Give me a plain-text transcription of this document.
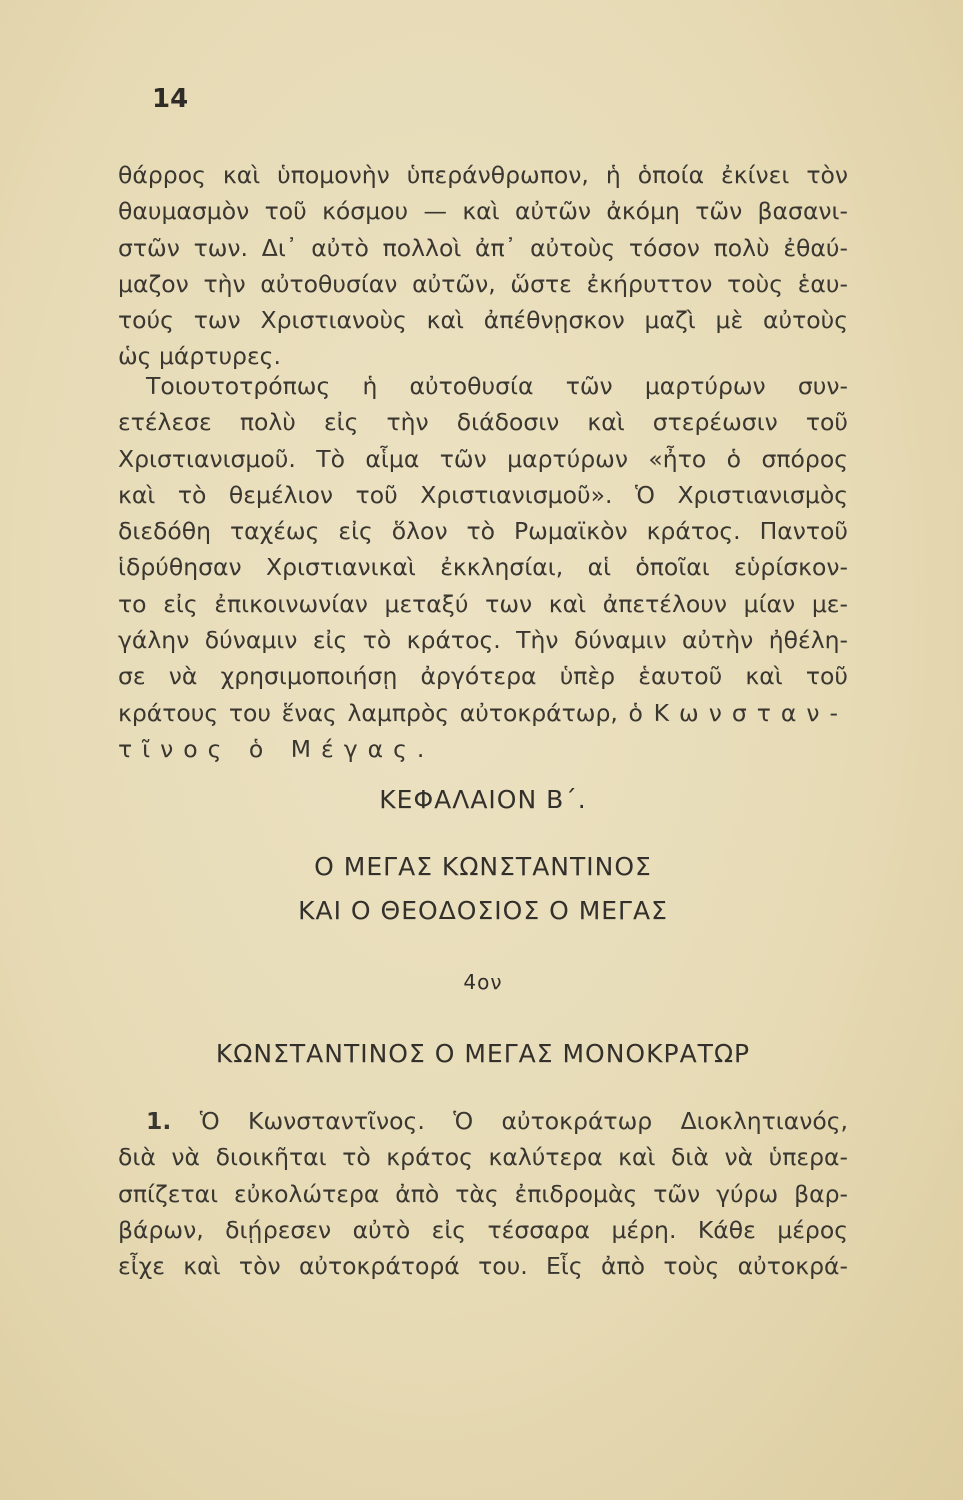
14
θάρρος καὶ ὑπομονὴν ὑπεράνθρωπον, ἡ ὁποία ἐκίνει τὸν
θαυμασμὸν τοῦ κόσμου — καὶ αὐτῶν ἀκόμη τῶν βασανι-
στῶν των. Δι᾽ αὐτὸ πολλοὶ ἀπ᾽ αὐτοὺς τόσον πολὺ ἐθαύ-
μαζον τὴν αὐτοθυσίαν αὐτῶν, ὥστε ἐκήρυττον τοὺς ἑαυ-
τούς των Χριστιανοὺς καὶ ἀπέθνῃσκον μαζὶ μὲ αὐτοὺς
ὡς μάρτυρες.
Τοιουτοτρόπως ἡ αὐτοθυσία τῶν μαρτύρων συν-
ετέλεσε πολὺ εἰς τὴν διάδοσιν καὶ στερέωσιν τοῦ
Χριστιανισμοῦ. Τὸ αἷμα τῶν μαρτύρων «ἦτο ὁ σπόρος
καὶ τὸ θεμέλιον τοῦ Χριστιανισμοῦ». Ὁ Χριστιανισμὸς
διεδόθη ταχέως εἰς ὅλον τὸ Ρωμαϊκὸν κράτος. Παντοῦ
ἱδρύθησαν Χριστιανικαὶ ἐκκλησίαι, αἱ ὁποῖαι εὑρίσκον-
το εἰς ἐπικοινωνίαν μεταξύ των καὶ ἀπετέλουν μίαν με-
γάλην δύναμιν εἰς τὸ κράτος. Τὴν δύναμιν αὐτὴν ἠθέλη-
σε νὰ χρησιμοποιήσῃ ἀργότερα ὑπὲρ ἑαυτοῦ καὶ τοῦ
κράτους του ἕνας λαμπρὸς αὐτοκράτωρ, ὁ Κωνσταν-
τῖνος ὁ Μέγας.
ΚΕΦΑΛΑΙΟΝ Β΄.
Ο ΜΕΓΑΣ ΚΩΝΣΤΑΝΤΙΝΟΣ
ΚΑΙ Ο ΘΕΟΔΟΣΙΟΣ Ο ΜΕΓΑΣ
4ον
ΚΩΝΣΤΑΝΤΙΝΟΣ Ο ΜΕΓΑΣ ΜΟΝΟΚΡΑΤΩΡ
1. Ὁ Κωνσταντῖνος. Ὁ αὐτοκράτωρ Διοκλητιανός,
διὰ νὰ διοικῆται τὸ κράτος καλύτερα καὶ διὰ νὰ ὑπερα-
σπίζεται εὐκολώτερα ἀπὸ τὰς ἐπιδρομὰς τῶν γύρω βαρ-
βάρων, διῄρεσεν αὐτὸ εἰς τέσσαρα μέρη. Κάθε μέρος
εἶχε καὶ τὸν αὐτοκράτορά του. Εἷς ἀπὸ τοὺς αὐτοκρά-
